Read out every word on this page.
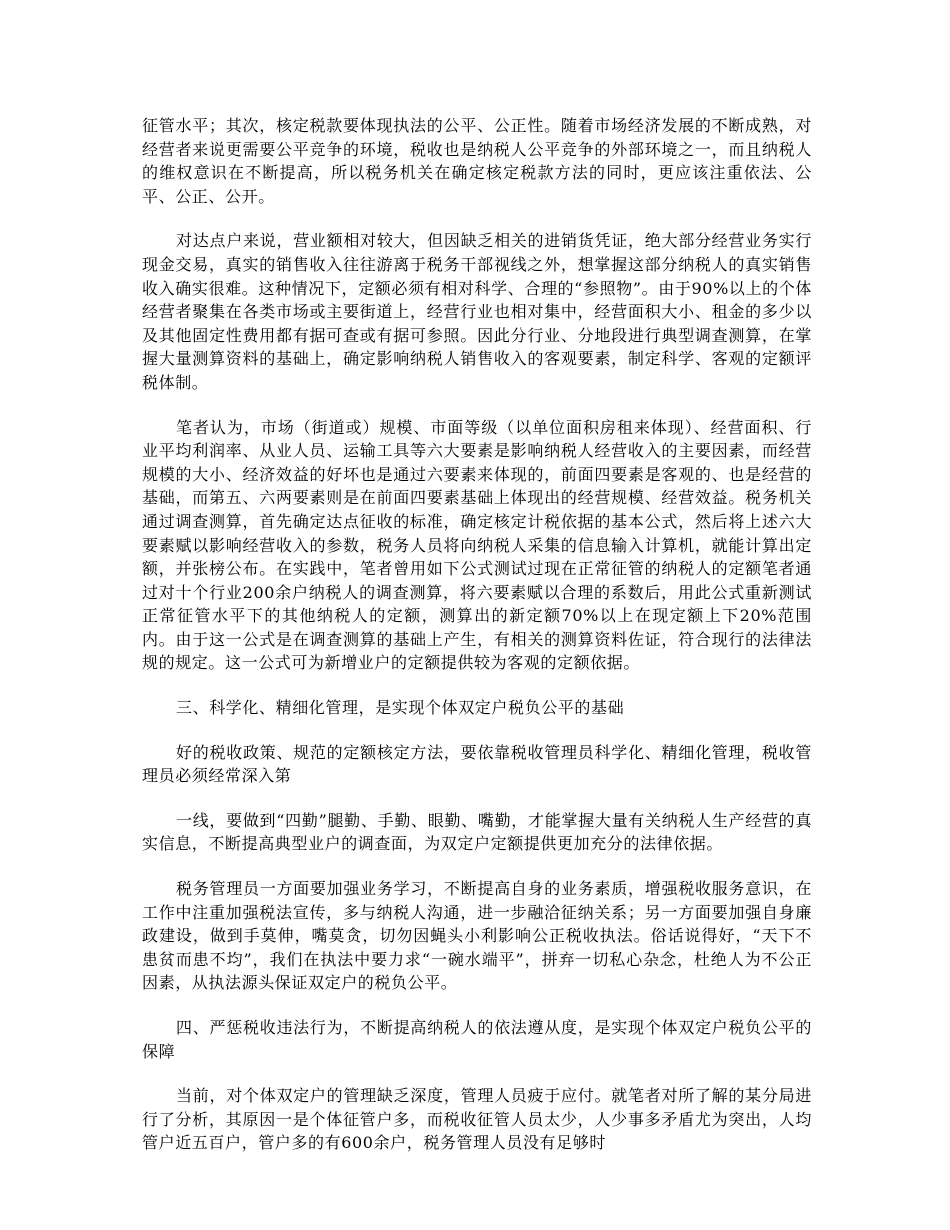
征管水平；其次，核定税款要体现执法的公平、公正性。随着市场经济发展的不断成熟，对经营者来说更需要公平竞争的环境，税收也是纳税人公平竞争的外部环境之一，而且纳税人的维权意识在不断提高，所以税务机关在确定核定税款方法的同时，更应该注重依法、公平、公正、公开。

对达点户来说，营业额相对较大，但因缺乏相关的进销货凭证，绝大部分经营业务实行现金交易，真实的销售收入往往游离于税务干部视线之外，想掌握这部分纳税人的真实销售收入确实很难。这种情况下，定额必须有相对科学、合理的“参照物”。由于90%以上的个体经营者聚集在各类市场或主要街道上，经营行业也相对集中，经营面积大小、租金的多少以及其他固定性费用都有据可查或有据可参照。因此分行业、分地段进行典型调查测算，在掌握大量测算资料的基础上，确定影响纳税人销售收入的客观要素，制定科学、客观的定额评税体制。

笔者认为，市场（街道或）规模、市面等级（以单位面积房租来体现）、经营面积、行业平均利润率、从业人员、运输工具等六大要素是影响纳税人经营收入的主要因素，而经营规模的大小、经济效益的好坏也是通过六要素来体现的，前面四要素是客观的、也是经营的基础，而第五、六两要素则是在前面四要素基础上体现出的经营规模、经营效益。税务机关通过调查测算，首先确定达点征收的标准，确定核定计税依据的基本公式，然后将上述六大要素赋以影响经营收入的参数，税务人员将向纳税人采集的信息输入计算机，就能计算出定额，并张榜公布。在实践中，笔者曾用如下公式测试过现在正常征管的纳税人的定额笔者通过对十个行业200余户纳税人的调查测算，将六要素赋以合理的系数后，用此公式重新测试正常征管水平下的其他纳税人的定额，测算出的新定额70%以上在现定额上下20%范围内。由于这一公式是在调查测算的基础上产生，有相关的测算资料佐证，符合现行的法律法规的规定。这一公式可为新增业户的定额提供较为客观的定额依据。

三、科学化、精细化管理，是实现个体双定户税负公平的基础

好的税收政策、规范的定额核定方法，要依靠税收管理员科学化、精细化管理，税收管理员必须经常深入第

一线，要做到“四勤”腿勤、手勤、眼勤、嘴勤，才能掌握大量有关纳税人生产经营的真实信息，不断提高典型业户的调查面，为双定户定额提供更加充分的法律依据。

税务管理员一方面要加强业务学习，不断提高自身的业务素质，增强税收服务意识，在工作中注重加强税法宣传，多与纳税人沟通，进一步融洽征纳关系；另一方面要加强自身廉政建设，做到手莫伸，嘴莫贪，切勿因蝇头小利影响公正税收执法。俗话说得好，“天下不患贫而患不均”，我们在执法中要力求“一碗水端平”，拼弃一切私心杂念，杜绝人为不公正因素，从执法源头保证双定户的税负公平。

四、严惩税收违法行为，不断提高纳税人的依法遵从度，是实现个体双定户税负公平的保障

当前，对个体双定户的管理缺乏深度，管理人员疲于应付。就笔者对所了解的某分局进行了分析，其原因一是个体征管户多，而税收征管人员太少，人少事多矛盾尤为突出，人均管户近五百户，管户多的有600余户，税务管理人员没有足够时
